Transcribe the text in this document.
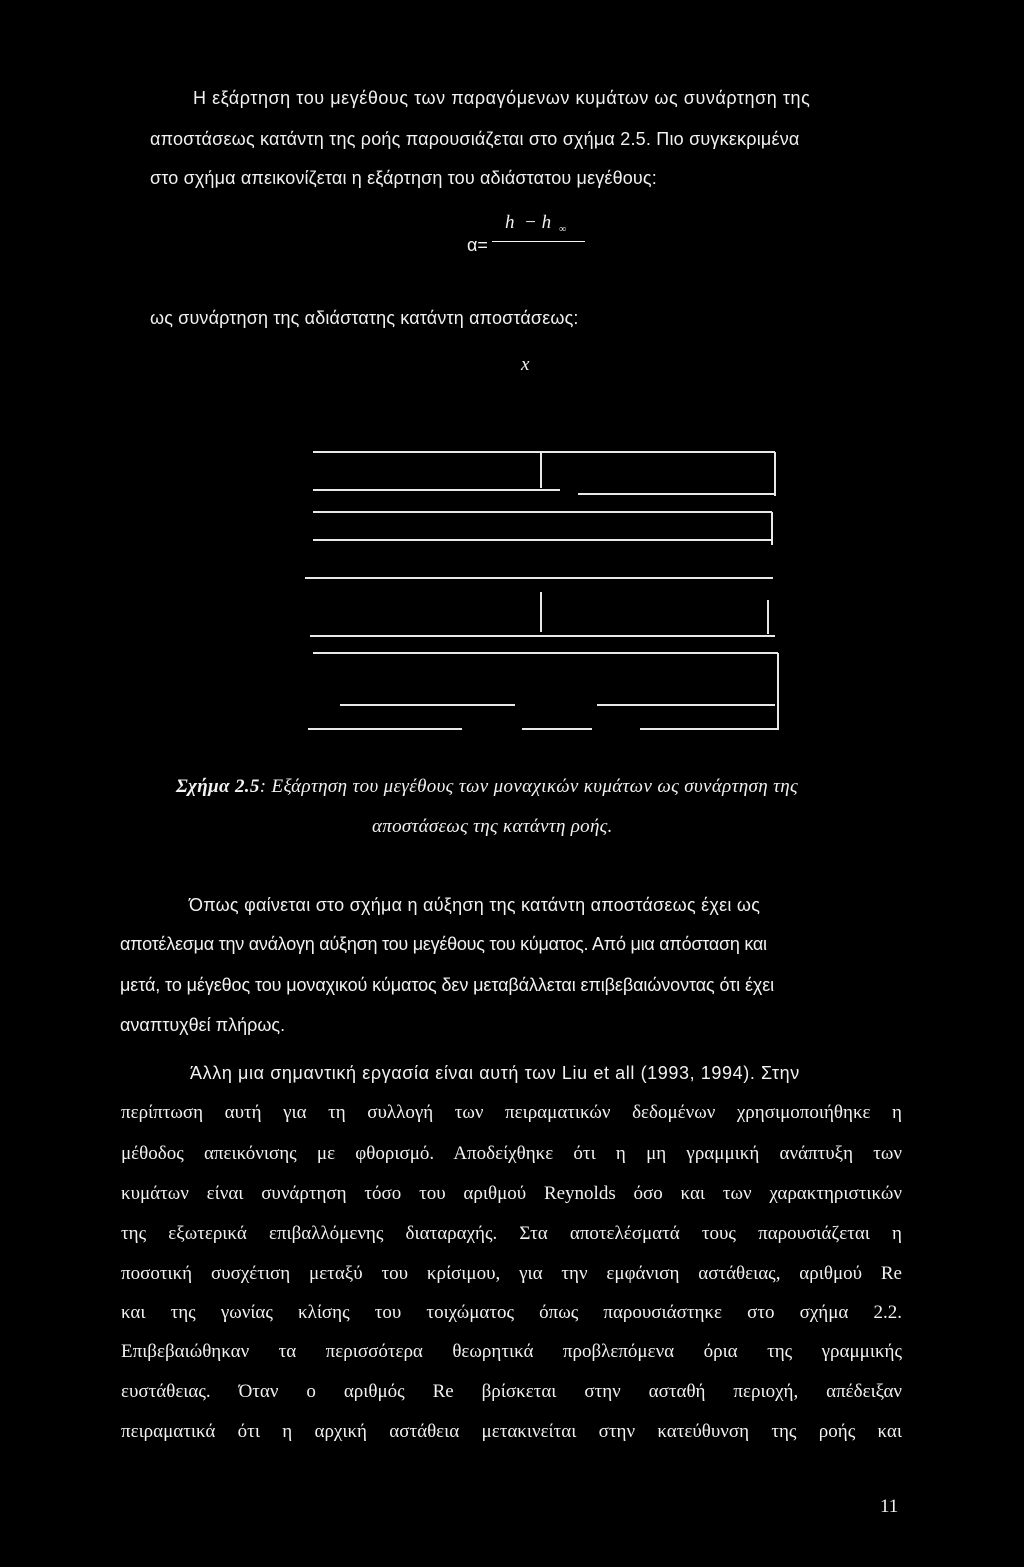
Η εξάρτηση του μεγέθους των παραγόμενων κυμάτων ως συνάρτηση της
αποστάσεως κατάντη της ροής παρουσιάζεται στο σχήμα 2.5. Πιο συγκεκριμένα
στο σχήμα απεικονίζεται η εξάρτηση του αδιάστατου μεγέθους:
h  − h ∞
α=
ως συνάρτηση της αδιάστατης κατάντη αποστάσεως:
x
Σχήμα 2.5: Εξάρτηση του μεγέθους των μοναχικών κυμάτων ως συνάρτηση της
αποστάσεως της κατάντη ροής.
Όπως φαίνεται στο σχήμα η αύξηση της κατάντη αποστάσεως έχει ως
αποτέλεσμα την ανάλογη αύξηση του μεγέθους του κύματος. Από μια απόσταση και
μετά, το μέγεθος του μοναχικού κύματος δεν μεταβάλλεται επιβεβαιώνοντας ότι έχει
αναπτυχθεί πλήρως.
Άλλη μια σημαντική εργασία είναι αυτή των Liu et all (1993, 1994). Στην
περίπτωση αυτή για τη συλλογή των πειραματικών δεδομένων χρησιμοποιήθηκε η
μέθοδος απεικόνισης με φθορισμό. Αποδείχθηκε ότι η μη γραμμική ανάπτυξη των
κυμάτων είναι συνάρτηση τόσο του αριθμού Reynolds όσο και των χαρακτηριστικών
της εξωτερικά επιβαλλόμενης διαταραχής. Στα αποτελέσματά τους παρουσιάζεται η
ποσοτική συσχέτιση μεταξύ του κρίσιμου, για την εμφάνιση αστάθειας, αριθμού Re
και της γωνίας κλίσης του τοιχώματος όπως παρουσιάστηκε στο σχήμα 2.2.
Επιβεβαιώθηκαν τα περισσότερα θεωρητικά προβλεπόμενα όρια της γραμμικής
ευστάθειας. Όταν ο αριθμός Re βρίσκεται στην ασταθή περιοχή, απέδειξαν
πειραματικά ότι η αρχική αστάθεια μετακινείται στην κατεύθυνση της ροής και
11
